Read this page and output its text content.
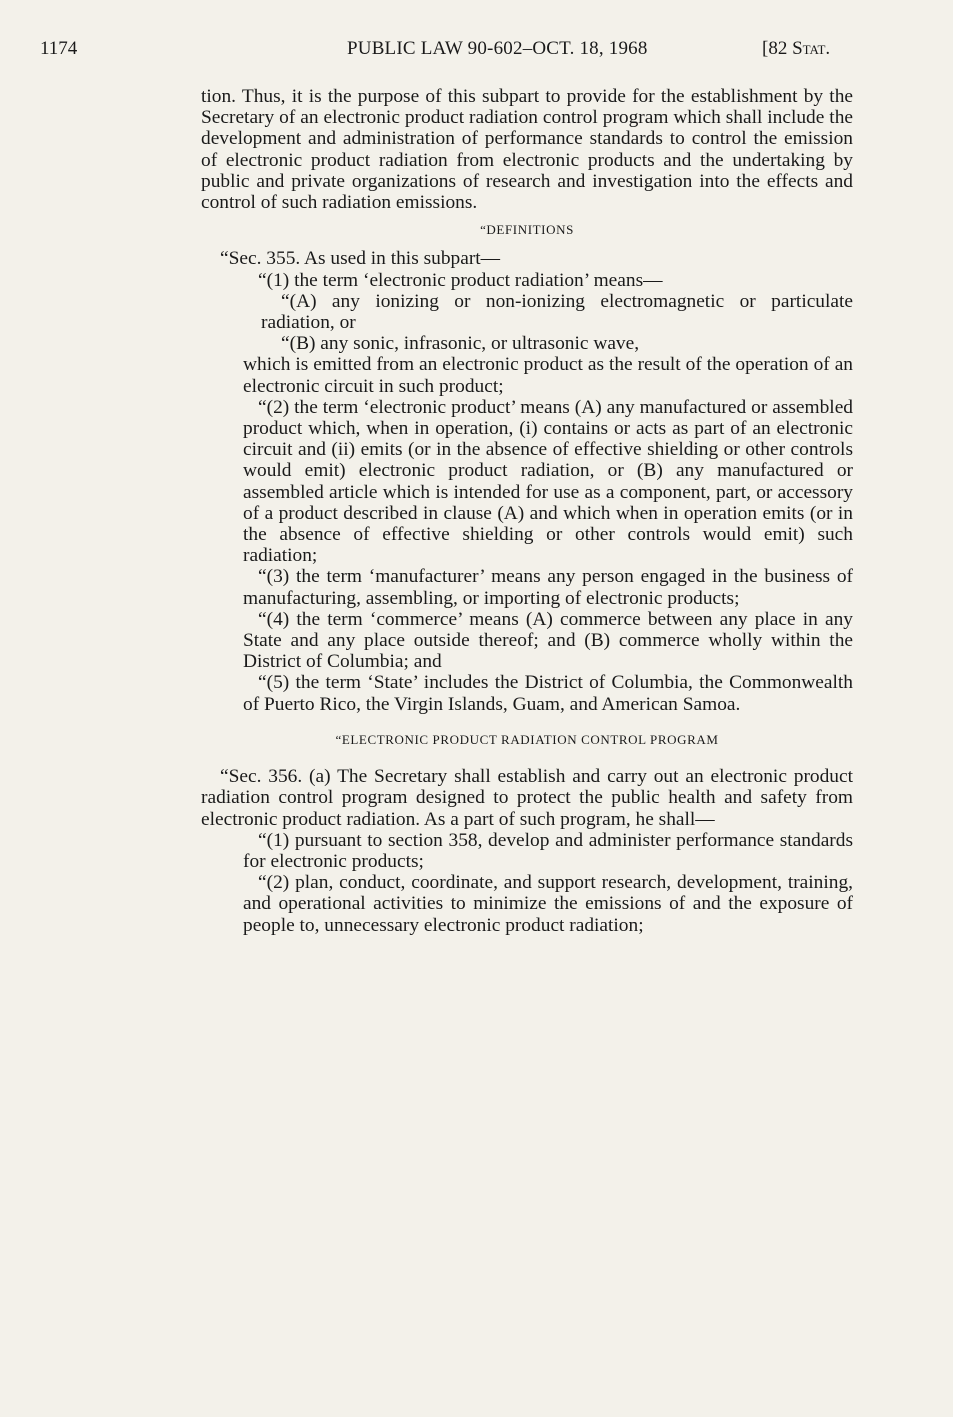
1174	PUBLIC LAW 90-602–OCT. 18, 1968	[82 Stat.

tion. Thus, it is the purpose of this subpart to provide for the establishment by the Secretary of an electronic product radiation control program which shall include the development and administration of performance standards to control the emission of electronic product radiation from electronic products and the undertaking by public and private organizations of research and investigation into the effects and control of such radiation emissions.

“DEFINITIONS

“Sec. 355. As used in this subpart—

“(1) the term ‘electronic product radiation’ means—

“(A) any ionizing or non-ionizing electromagnetic or particulate radiation, or

“(B) any sonic, infrasonic, or ultrasonic wave,

which is emitted from an electronic product as the result of the operation of an electronic circuit in such product;

“(2) the term ‘electronic product’ means (A) any manufactured or assembled product which, when in operation, (i) contains or acts as part of an electronic circuit and (ii) emits (or in the absence of effective shielding or other controls would emit) electronic product radiation, or (B) any manufactured or assembled article which is intended for use as a component, part, or accessory of a product described in clause (A) and which when in operation emits (or in the absence of effective shielding or other controls would emit) such radiation;

“(3) the term ‘manufacturer’ means any person engaged in the business of manufacturing, assembling, or importing of electronic products;

“(4) the term ‘commerce’ means (A) commerce between any place in any State and any place outside thereof; and (B) commerce wholly within the District of Columbia; and

“(5) the term ‘State’ includes the District of Columbia, the Commonwealth of Puerto Rico, the Virgin Islands, Guam, and American Samoa.

“ELECTRONIC PRODUCT RADIATION CONTROL PROGRAM

“Sec. 356. (a) The Secretary shall establish and carry out an electronic product radiation control program designed to protect the public health and safety from electronic product radiation. As a part of such program, he shall—

“(1) pursuant to section 358, develop and administer performance standards for electronic products;

“(2) plan, conduct, coordinate, and support research, development, training, and operational activities to minimize the emissions of and the exposure of people to, unnecessary electronic product radiation;
